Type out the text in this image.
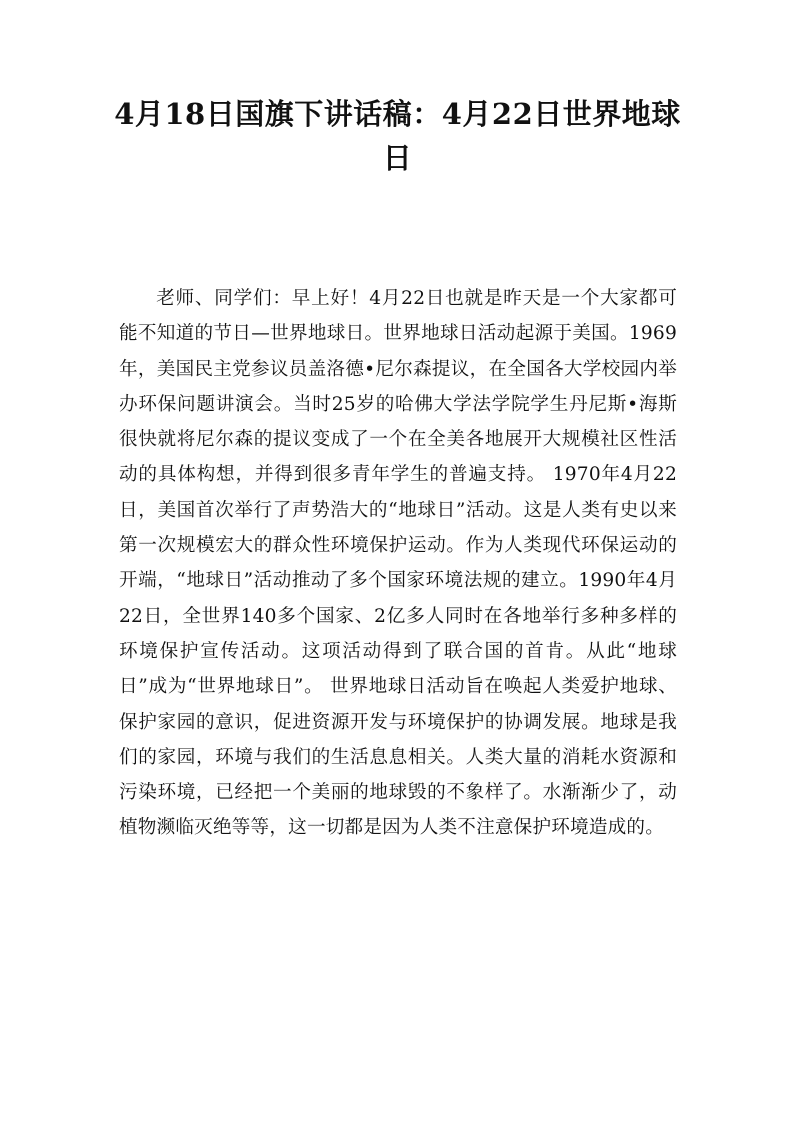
4月18日国旗下讲话稿：4月22日世界地球日

老师、同学们：早上好！4月22日也就是昨天是一个大家都可能不知道的节日—世界地球日。世界地球日活动起源于美国。1969年，美国民主党参议员盖洛德•尼尔森提议，在全国各大学校园内举办环保问题讲演会。当时25岁的哈佛大学法学院学生丹尼斯•海斯很快就将尼尔森的提议变成了一个在全美各地展开大规模社区性活动的具体构想，并得到很多青年学生的普遍支持。 1970年4月22日，美国首次举行了声势浩大的“地球日”活动。这是人类有史以来第一次规模宏大的群众性环境保护运动。作为人类现代环保运动的开端，“地球日”活动推动了多个国家环境法规的建立。1990年4月22日，全世界140多个国家、2亿多人同时在各地举行多种多样的环境保护宣传活动。这项活动得到了联合国的首肯。从此“地球日”成为“世界地球日”。 世界地球日活动旨在唤起人类爱护地球、保护家园的意识，促进资源开发与环境保护的协调发展。地球是我们的家园，环境与我们的生活息息相关。人类大量的消耗水资源和污染环境，已经把一个美丽的地球毁的不象样了。水渐渐少了，动植物濒临灭绝等等，这一切都是因为人类不注意保护环境造成的。
